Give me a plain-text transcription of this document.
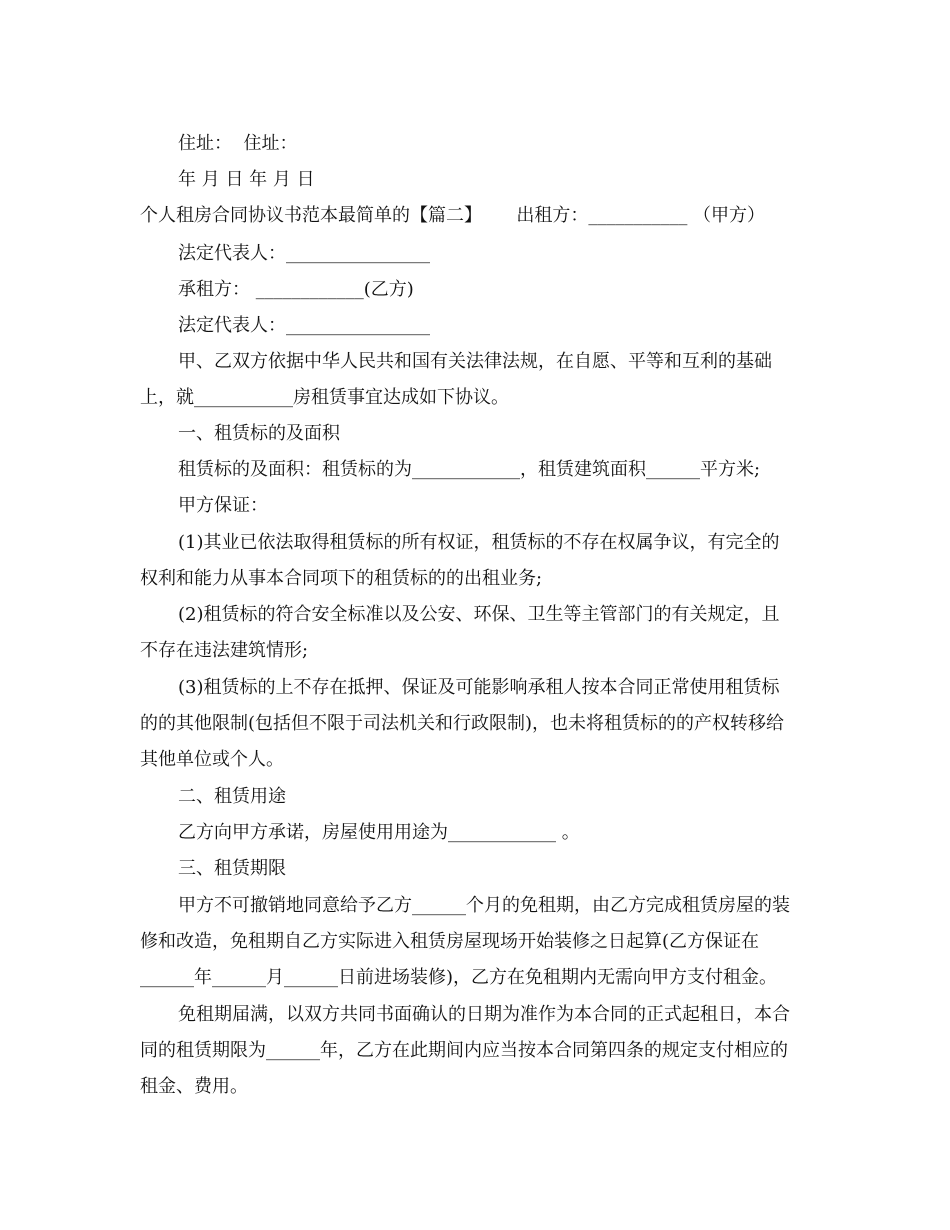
住址：  住址：
年 月 日 年 月 日
个人租房合同协议书范本最简单的【篇二】      出租方：___________ （甲方）
法定代表人：________________
承租方： ____________(乙方)
法定代表人：________________
甲、乙双方依据中华人民共和国有关法律法规，在自愿、平等和互利的基础
上，就___________房租赁事宜达成如下协议。
一、租赁标的及面积
租赁标的及面积：租赁标的为____________，租赁建筑面积______平方米;
甲方保证：
(1)其业已依法取得租赁标的所有权证，租赁标的不存在权属争议，有完全的
权利和能力从事本合同项下的租赁标的的出租业务;
(2)租赁标的符合安全标准以及公安、环保、卫生等主管部门的有关规定，且
不存在违法建筑情形;
(3)租赁标的上不存在抵押、保证及可能影响承租人按本合同正常使用租赁标
的的其他限制(包括但不限于司法机关和行政限制)，也未将租赁标的的产权转移给
其他单位或个人。
二、租赁用途
乙方向甲方承诺，房屋使用用途为____________ 。
三、租赁期限
甲方不可撤销地同意给予乙方______个月的免租期，由乙方完成租赁房屋的装
修和改造，免租期自乙方实际进入租赁房屋现场开始装修之日起算(乙方保证在
______年______月______日前进场装修)，乙方在免租期内无需向甲方支付租金。
免租期届满，以双方共同书面确认的日期为准作为本合同的正式起租日，本合
同的租赁期限为______年，乙方在此期间内应当按本合同第四条的规定支付相应的
租金、费用。
